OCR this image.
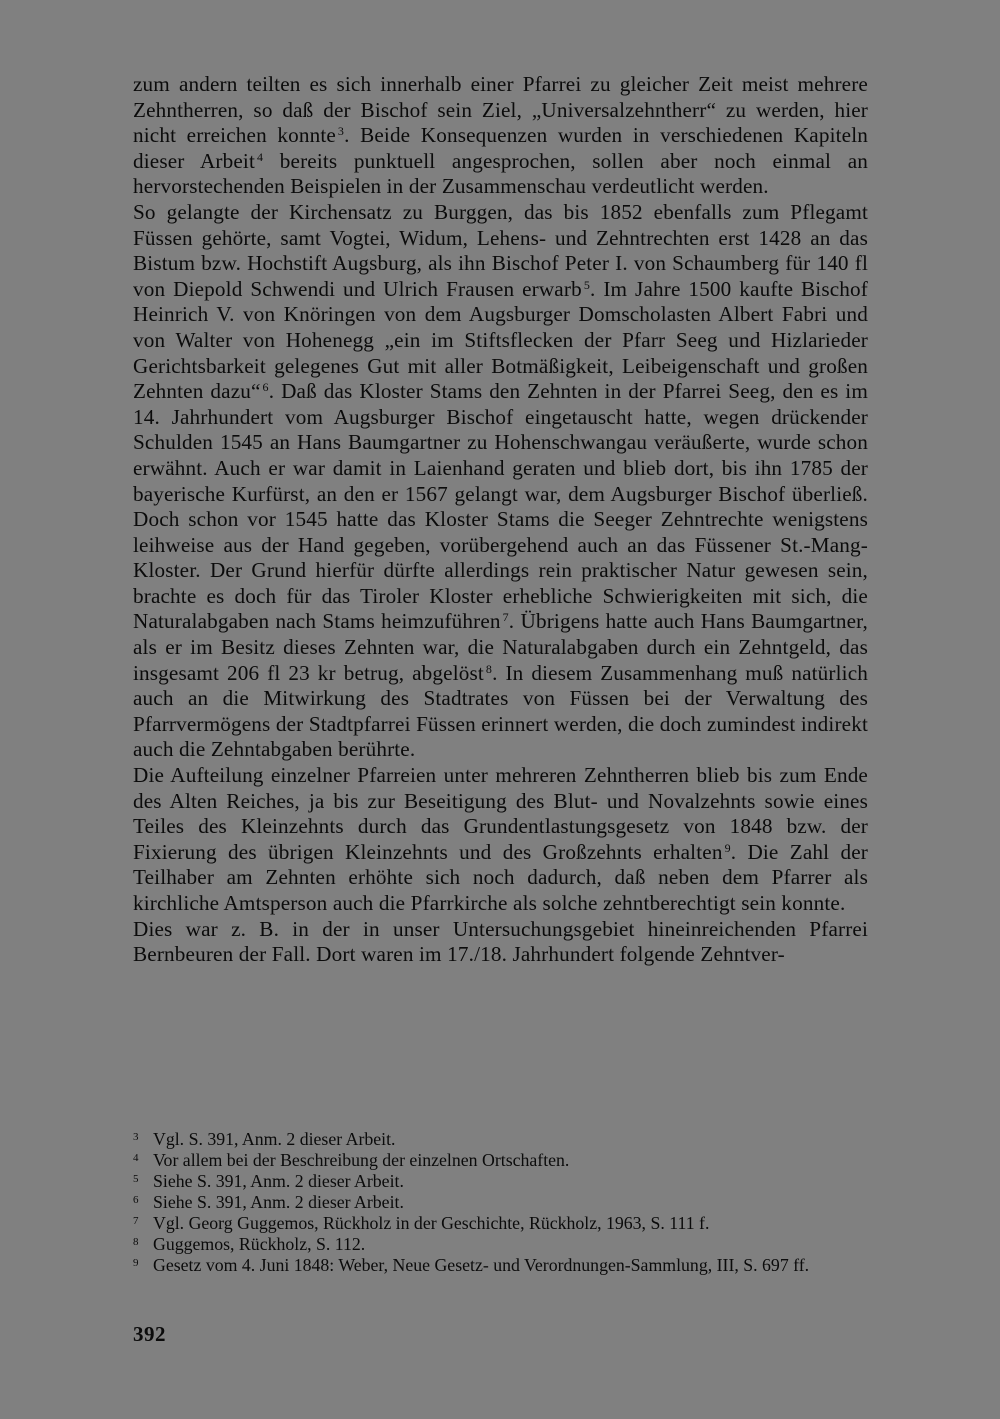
zum andern teilten es sich innerhalb einer Pfarrei zu gleicher Zeit meist mehrere Zehntherren, so daß der Bischof sein Ziel, „Universalzehntherr“ zu werden, hier nicht erreichen konnte $^3$. Beide Konsequenzen wurden in verschiedenen Kapiteln dieser Arbeit $^4$ bereits punktuell angesprochen, sollen aber noch einmal an hervorstechenden Beispielen in der Zusammenschau verdeutlicht werden.

So gelangte der Kirchensatz zu Burggen, das bis 1852 ebenfalls zum Pflegamt Füssen gehörte, samt Vogtei, Widum, Lehens- und Zehntrechten erst 1428 an das Bistum bzw. Hochstift Augsburg, als ihn Bischof Peter I. von Schaumberg für 140 fl von Diepold Schwendi und Ulrich Frausen erwarb $^5$. Im Jahre 1500 kaufte Bischof Heinrich V. von Knöringen von dem Augsburger Domscholasten Albert Fabri und von Walter von Hohenegg „ein im Stiftsflecken der Pfarr Seeg und Hizlarieder Gerichtsbarkeit gelegenes Gut mit aller Botmäßigkeit, Leibeigenschaft und großen Zehnten dazu“ $^6$. Daß das Kloster Stams den Zehnten in der Pfarrei Seeg, den es im 14. Jahrhundert vom Augsburger Bischof eingetauscht hatte, wegen drückender Schulden 1545 an Hans Baumgartner zu Hohenschwangau veräußerte, wurde schon erwähnt. Auch er war damit in Laienhand geraten und blieb dort, bis ihn 1785 der bayerische Kurfürst, an den er 1567 gelangt war, dem Augsburger Bischof überließ. Doch schon vor 1545 hatte das Kloster Stams die Seeger Zehntrechte wenigstens leihweise aus der Hand gegeben, vorübergehend auch an das Füssener St.-Mang-Kloster. Der Grund hierfür dürfte allerdings rein praktischer Natur gewesen sein, brachte es doch für das Tiroler Kloster erhebliche Schwierigkeiten mit sich, die Naturalabgaben nach Stams heimzuführen $^7$. Übrigens hatte auch Hans Baumgartner, als er im Besitz dieses Zehnten war, die Naturalabgaben durch ein Zehntgeld, das insgesamt 206 fl 23 kr betrug, abgelöst $^8$. In diesem Zusammenhang muß natürlich auch an die Mitwirkung des Stadtrates von Füssen bei der Verwaltung des Pfarrvermögens der Stadtpfarrei Füssen erinnert werden, die doch zumindest indirekt auch die Zehntabgaben berührte.

Die Aufteilung einzelner Pfarreien unter mehreren Zehntherren blieb bis zum Ende des Alten Reiches, ja bis zur Beseitigung des Blut- und Novalzehnts sowie eines Teiles des Kleinzehnts durch das Grundentlastungsgesetz von 1848 bzw. der Fixierung des übrigen Kleinzehnts und des Großzehnts erhalten $^9$. Die Zahl der Teilhaber am Zehnten erhöhte sich noch dadurch, daß neben dem Pfarrer als kirchliche Amtsperson auch die Pfarrkirche als solche zehntberechtigt sein konnte.

Dies war z. B. in der in unser Untersuchungsgebiet hineinreichenden Pfarrei Bernbeuren der Fall. Dort waren im 17./18. Jahrhundert folgende Zehntver-

3 Vgl. S. 391, Anm. 2 dieser Arbeit.
4 Vor allem bei der Beschreibung der einzelnen Ortschaften.
5 Siehe S. 391, Anm. 2 dieser Arbeit.
6 Siehe S. 391, Anm. 2 dieser Arbeit.
7 Vgl. Georg Guggemos, Rückholz in der Geschichte, Rückholz, 1963, S. 111 f.
8 Guggemos, Rückholz, S. 112.
9 Gesetz vom 4. Juni 1848: Weber, Neue Gesetz- und Verordnungen-Sammlung, III, S. 697 ff.
392
